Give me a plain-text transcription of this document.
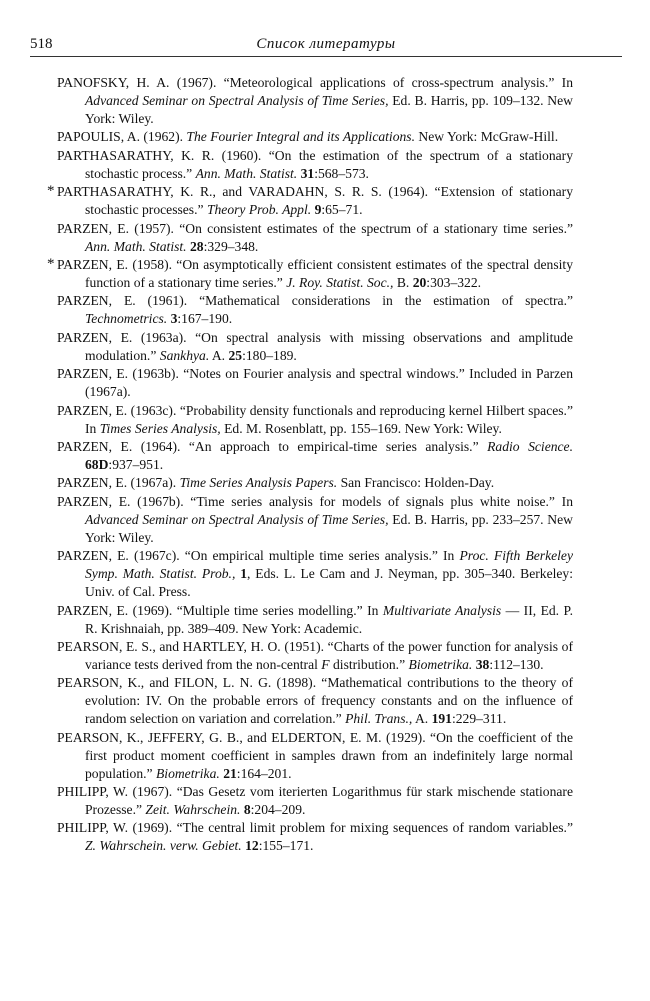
518	Список литературы
PANOFSKY, H. A. (1967). “Meteorological applications of cross-spectrum analysis.” In Advanced Seminar on Spectral Analysis of Time Series, Ed. B. Harris, pp. 109–132. New York: Wiley.
PAPOULIS, A. (1962). The Fourier Integral and its Applications. New York: McGraw-Hill.
PARTHASARATHY, K. R. (1960). “On the estimation of the spectrum of a stationary stochastic process.” Ann. Math. Statist. 31:568–573.
* PARTHASARATHY, K. R., and VARADAHN, S. R. S. (1964). “Extension of stationary stochastic processes.” Theory Prob. Appl. 9:65–71.
PARZEN, E. (1957). “On consistent estimates of the spectrum of a stationary time series.” Ann. Math. Statist. 28:329–348.
* PARZEN, E. (1958). “On asymptotically efficient consistent estimates of the spectral density function of a stationary time series.” J. Roy. Statist. Soc., B. 20:303–322.
PARZEN, E. (1961). “Mathematical considerations in the estimation of spectra.” Technometrics. 3:167–190.
PARZEN, E. (1963a). “On spectral analysis with missing observations and amplitude modulation.” Sankhya. A. 25:180–189.
PARZEN, E. (1963b). “Notes on Fourier analysis and spectral windows.” Included in Parzen (1967a).
PARZEN, E. (1963c). “Probability density functionals and reproducing kernel Hilbert spaces.” In Times Series Analysis, Ed. M. Rosenblatt, pp. 155–169. New York: Wiley.
PARZEN, E. (1964). “An approach to empirical-time series analysis.” Radio Science. 68D:937–951.
PARZEN, E. (1967a). Time Series Analysis Papers. San Francisco: Holden-Day.
PARZEN, E. (1967b). “Time series analysis for models of signals plus white noise.” In Advanced Seminar on Spectral Analysis of Time Series, Ed. B. Harris, pp. 233–257. New York: Wiley.
PARZEN, E. (1967c). “On empirical multiple time series analysis.” In Proc. Fifth Berkeley Symp. Math. Statist. Prob., 1, Eds. L. Le Cam and J. Neyman, pp. 305–340. Berkeley: Univ. of Cal. Press.
PARZEN, E. (1969). “Multiple time series modelling.” In Multivariate Analysis — II, Ed. P. R. Krishnaiah, pp. 389–409. New York: Academic.
PEARSON, E. S., and HARTLEY, H. O. (1951). “Charts of the power function for analysis of variance tests derived from the non-central F distribution.” Biometrika. 38:112–130.
PEARSON, K., and FILON, L. N. G. (1898). “Mathematical contributions to the theory of evolution: IV. On the probable errors of frequency constants and on the influence of random selection on variation and correlation.” Phil. Trans., A. 191:229–311.
PEARSON, K., JEFFERY, G. B., and ELDERTON, E. M. (1929). “On the coefficient of the first product moment coefficient in samples drawn from an indefinitely large normal population.” Biometrika. 21:164–201.
PHILIPP, W. (1967). “Das Gesetz vom iterierten Logarithmus für stark mischende stationare Prozesse.” Zeit. Wahrschein. 8:204–209.
PHILIPP, W. (1969). “The central limit problem for mixing sequences of random variables.” Z. Wahrschein. verw. Gebiet. 12:155–171.
